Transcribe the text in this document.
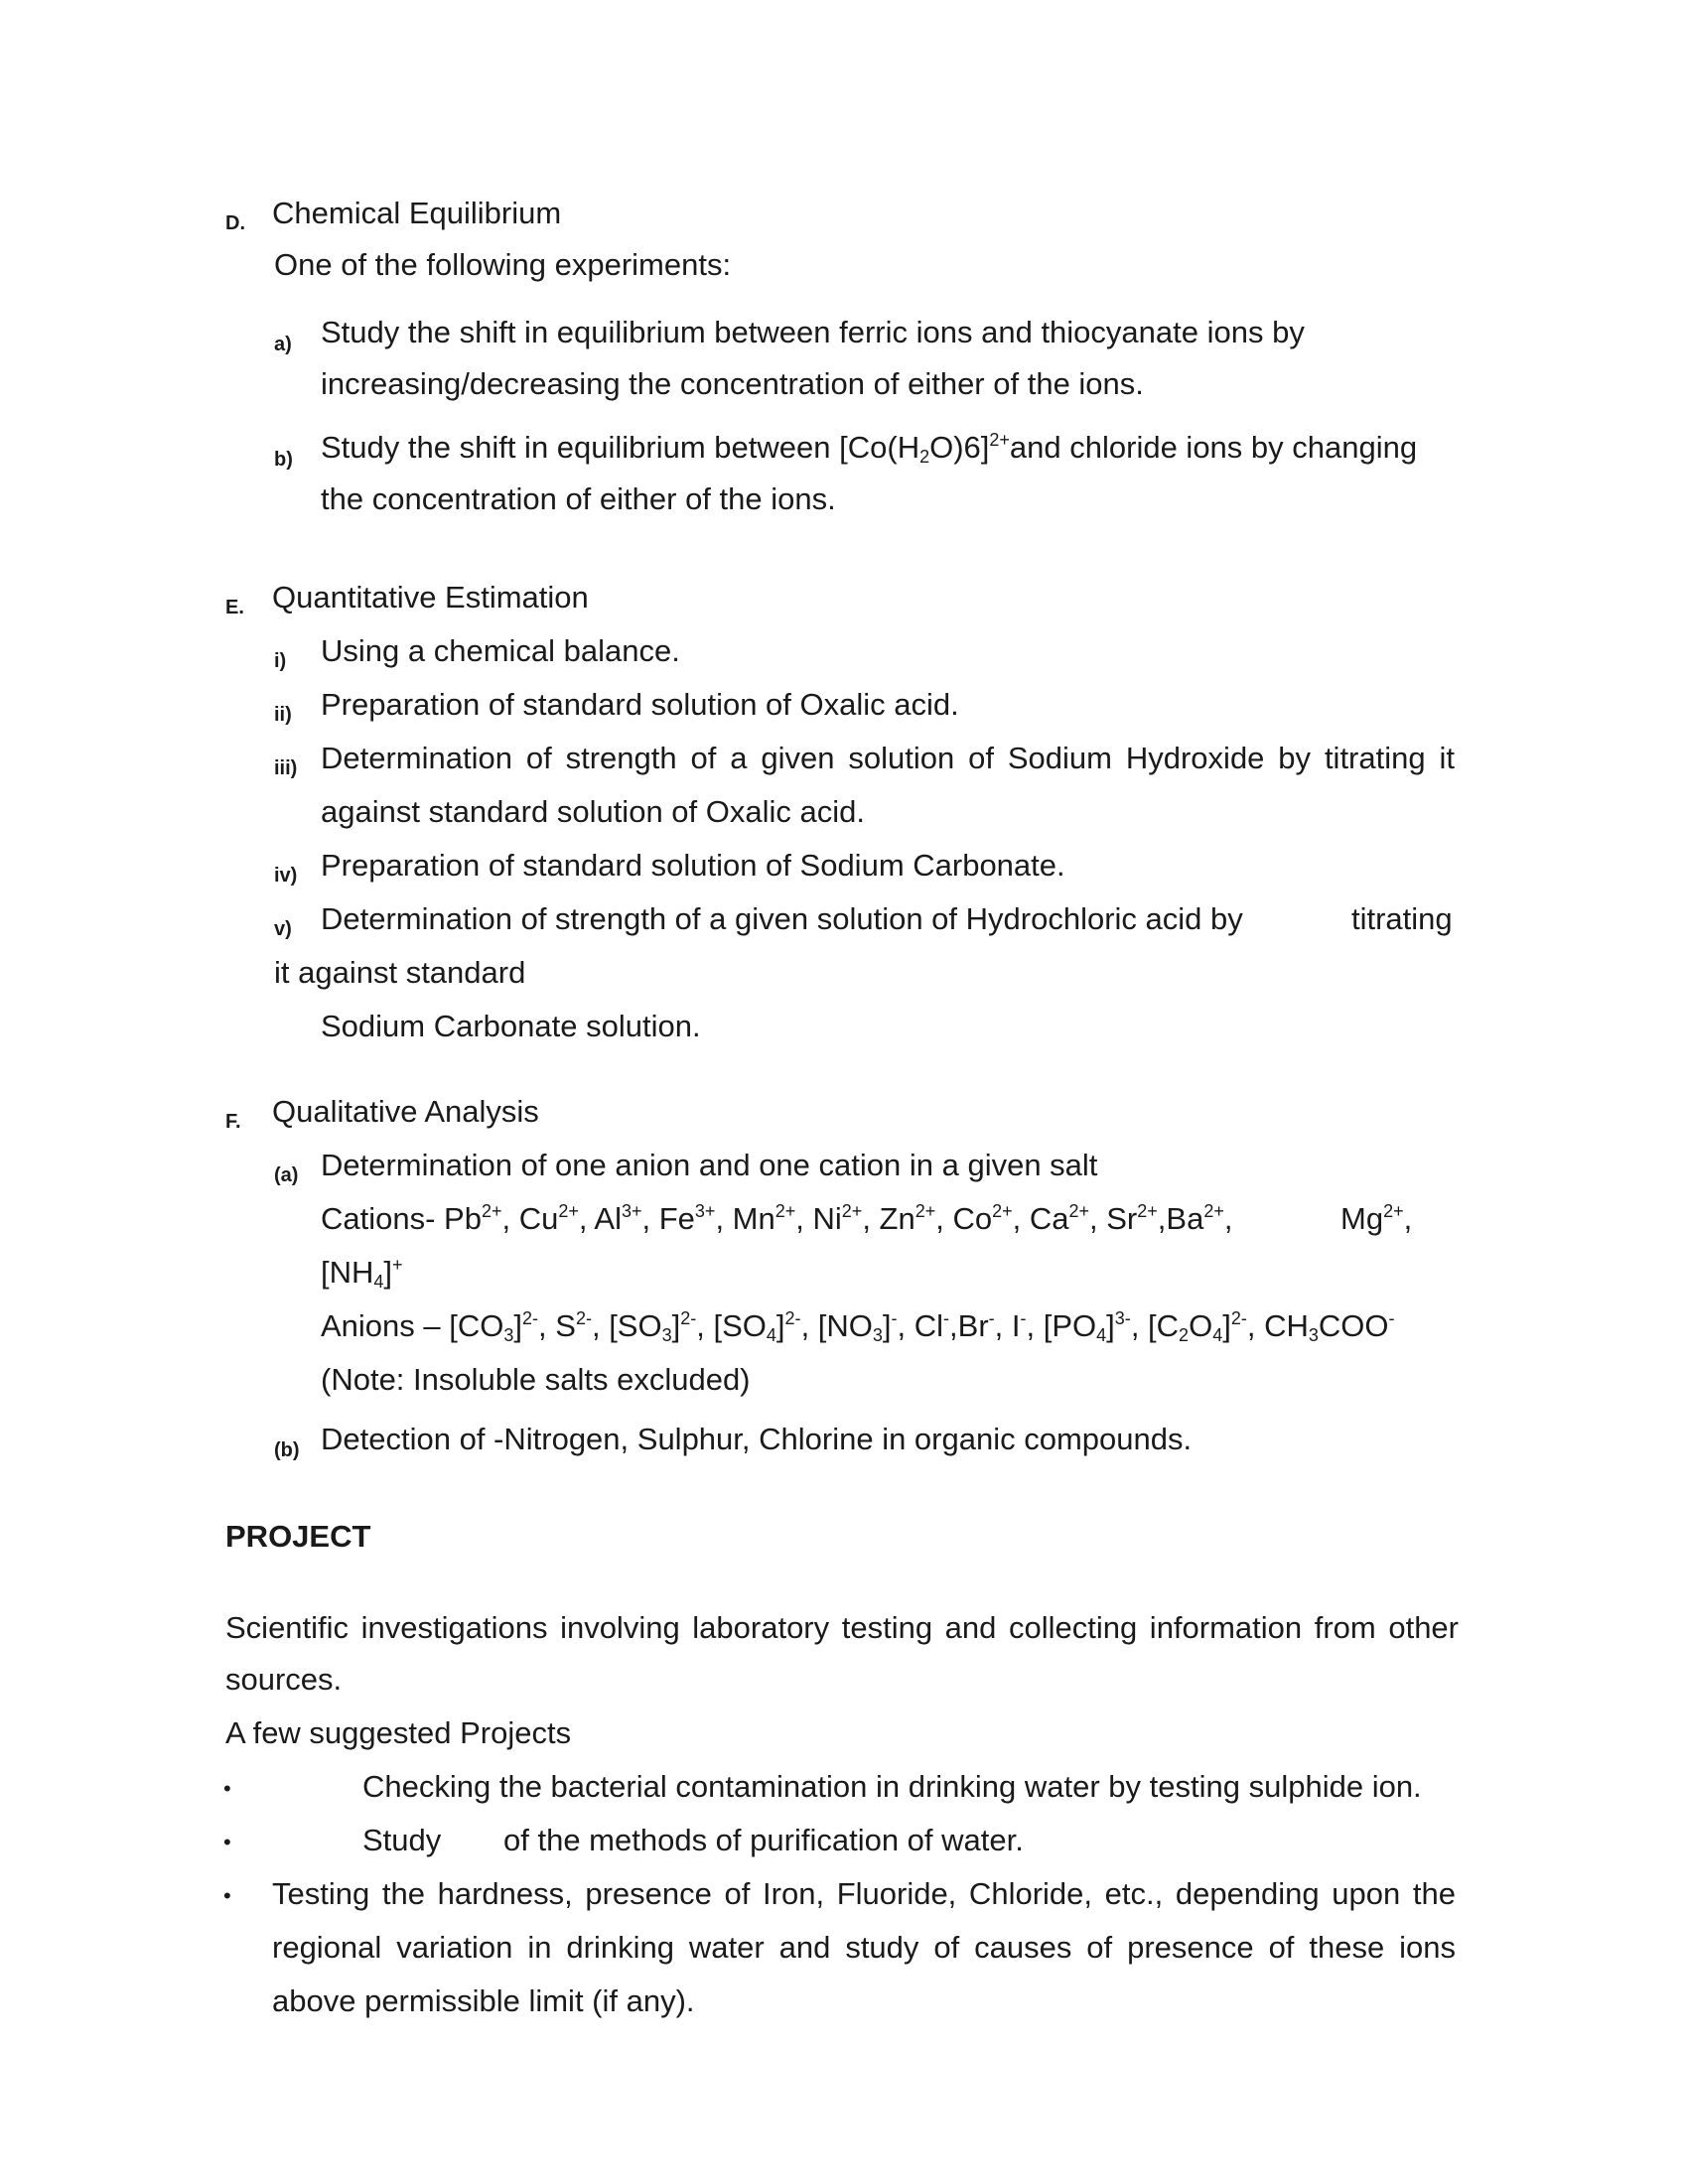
D. Chemical Equilibrium
One of the following experiments:
a) Study the shift in equilibrium between ferric ions and thiocyanate ions by
increasing/decreasing the concentration of either of the ions.
b) Study the shift in equilibrium between $[Co(H_2O)6]^{2+}and$ chloride ions by changing
the concentration of either of the ions.
E. Quantitative Estimation
i) Using a chemical balance.
ii) Preparation of standard solution of Oxalic acid.
iii) Determination of strength of a given solution of Sodium Hydroxide by titrating it
against standard solution of Oxalic acid.
iv) Preparation of standard solution of Sodium Carbonate.
v) Determination of strength of a given solution of Hydrochloric acid by	titrating
it against standard
Sodium Carbonate solution.
F. Qualitative Analysis
(a) Determination of one anion and one cation in a given salt
Cations- $Pb^{2+}$, $Cu^{2+}$, $Al^{3+}$, $Fe^{3+}$, $Mn^{2+}$, $Ni^{2+}$, $Zn^{2+}$, $Co^{2+}$, $Ca^{2+}$, $Sr^{2+},Ba^{2+}$,	$Mg^{2+}$,
$[NH_4]^+$
Anions – $[CO_3]^{2-}$, $S^{2-}$, $[SO_3]^{2-}$, $[SO_4]^{2-}$, $[NO_3]^-$, Cl-,Br-, I-, $[PO_4]^{3-}$, $[C_2O_4]^{2-}$, $CH_3COO^-$
(Note: Insoluble salts excluded)
(b) Detection of -Nitrogen, Sulphur, Chlorine in organic compounds.
PROJECT
Scientific investigations involving laboratory testing and collecting information from other
sources.
A few suggested Projects
•	Checking the bacterial contamination in drinking water by testing sulphide ion.
•	Study of the methods of purification of water.
• Testing the hardness, presence of Iron, Fluoride, Chloride, etc., depending upon the
regional variation in drinking water and study of causes of presence of these ions
above permissible limit (if any).
